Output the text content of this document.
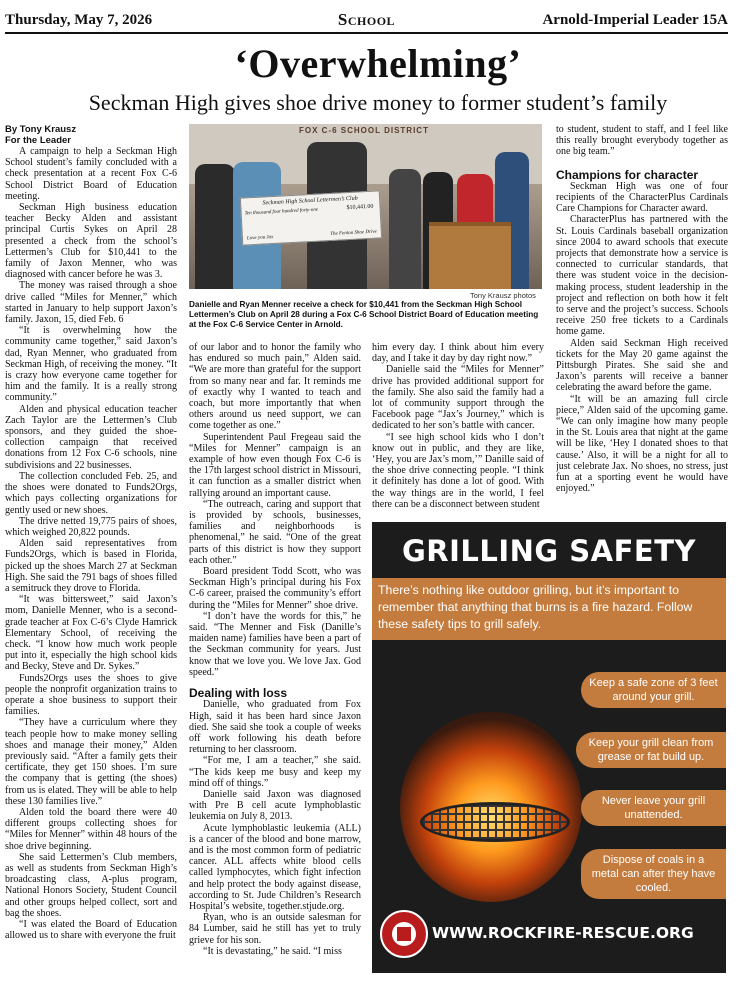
Thursday, May 7, 2026	School	Arnold-Imperial Leader 15A
‘Overwhelming’
Seckman High gives shoe drive money to former student’s family

By Tony Krausz
For the Leader

A campaign to help a Seckman High School student’s family concluded with a check presentation at a recent Fox C-6 School District Board of Education meeting.

Seckman High business education teacher Becky Alden and assistant principal Curtis Sykes on April 28 presented a check from the school’s Lettermen’s Club for $10,441 to the family of Jaxon Menner, who was diagnosed with cancer before he was 3.

The money was raised through a shoe drive called “Miles for Menner,” which started in January to help support Jaxon’s family. Jaxon, 15, died Feb. 6

“It is overwhelming how the community came together,” said Jaxon’s dad, Ryan Menner, who graduated from Seckman High, of receiving the money. “It is crazy how everyone came together for him and the family. It is a really strong community.”

Alden and physical education teacher Zach Taylor are the Lettermen’s Club sponsors, and they guided the shoe-collection campaign that received donations from 12 Fox C-6 schools, nine subdivisions and 22 businesses.

The collection concluded Feb. 25, and the shoes were donated to Funds2Orgs, which pays collecting organizations for gently used or new shoes.

The drive netted 19,775 pairs of shoes, which weighed 20,822 pounds.

Alden said representatives from Funds2Orgs, which is based in Florida, picked up the shoes March 27 at Seckman High. She said the 791 bags of shoes filled a semitruck they drove to Florida.

“It was bittersweet,” said Jaxon’s mom, Danielle Menner, who is a second-grade teacher at Fox C-6’s Clyde Hamrick Elementary School, of receiving the check. “I know how much work people put into it, especially the high school kids and Becky, Steve and Dr. Sykes.”

Funds2Orgs uses the shoes to give people the nonprofit organization trains to operate a shoe business to support their families.

“They have a curriculum where they teach people how to make money selling shoes and manage their money,” Alden previously said. “After a family gets their certificate, they get 150 shoes. I’m sure the company that is getting (the shoes) from us is elated. They will be able to help these 130 families live.”

Alden told the board there were 40 different groups collecting shoes for “Miles for Menner” within 48 hours of the shoe drive beginning.

She said Lettermen’s Club members, as well as students from Seckman High’s broadcasting class, A-plus program, National Honors Society, Student Council and other groups helped collect, sort and bag the shoes.

“I was elated the Board of Education allowed us to share with everyone the fruit

FOX C-6 SCHOOL DISTRICT
Seckman High School Lettermen’s Club
Ten thousand four hundred forty-one
$10,441.00
Love you Jax
The Fenton Shoe Drive
Tony Krausz photos
Danielle and Ryan Menner receive a check for $10,441 from the Seckman High School Lettermen’s Club on April 28 during a Fox C-6 School District Board of Education meeting at the Fox C-6 Service Center in Arnold.

of our labor and to honor the family who has endured so much pain,” Alden said. “We are more than grateful for the support from so many near and far. It reminds me of exactly why I wanted to teach and coach, but more importantly that when others around us need support, we can come together as one.”

Superintendent Paul Fregeau said the “Miles for Menner” campaign is an example of how even though Fox C-6 is the 17th largest school district in Missouri, it can function as a smaller district when rallying around an important cause.

“The outreach, caring and support that is provided by schools, businesses, families and neighborhoods is phenomenal,” he said. “One of the great parts of this district is how they support each other.”

Board president Todd Scott, who was Seckman High’s principal during his Fox C-6 career, praised the community’s effort during the “Miles for Menner” shoe drive.

“I don’t have the words for this,” he said. “The Menner and Fisk (Danille’s maiden name) families have been a part of the Seckman community for years. Just know that we love you. We love Jax. God speed.”

Dealing with loss

Danielle, who graduated from Fox High, said it has been hard since Jaxon died. She said she took a couple of weeks off work following his death before returning to her classroom.

“For me, I am a teacher,” she said. “The kids keep me busy and keep my mind off of things.”

Danielle said Jaxon was diagnosed with Pre B cell acute lymphoblastic leukemia on July 8, 2013.

Acute lymphoblastic leukemia (ALL) is a cancer of the blood and bone marrow, and is the most common form of pediatric cancer. ALL affects white blood cells called lymphocytes, which fight infection and help protect the body against disease, according to St. Jude Children’s Research Hospital’s website, together.stjude.org.

Ryan, who is an outside salesman for 84 Lumber, said he still has yet to truly grieve for his son.

“It is devastating,” he said. “I miss

him every day. I think about him every day, and I take it day by day right now.”

Danielle said the “Miles for Menner” drive has provided additional support for the family. She also said the family had a lot of community support through the Facebook page “Jax’s Journey,” which is dedicated to her son’s battle with cancer.

“I see high school kids who I don’t know out in public, and they are like, ‘Hey, you are Jax’s mom,’” Danille said of the shoe drive connecting people. “I think it definitely has done a lot of good. With the way things are in the world, I feel there can be a disconnect between student

to student, student to staff, and I feel like this really brought everybody together as one big team.”

Champions for character

Seckman High was one of four recipients of the CharacterPlus Cardinals Care Champions for Character award.

CharacterPlus has partnered with the St. Louis Cardinals baseball organization since 2004 to award schools that execute projects that demonstrate how a service is connected to curricular standards, that there was student voice in the decision-making process, student leadership in the project and reflection on both how it felt to serve and the project’s success. Schools receive 250 free tickets to a Cardinals home game.

Alden said Seckman High received tickets for the May 20 game against the Pittsburgh Pirates. She said she and Jaxon’s parents will receive a banner celebrating the award before the game.

“It will be an amazing full circle piece,” Alden said of the upcoming game. “We can only imagine how many people in the St. Louis area that night at the game will be like, ‘Hey I donated shoes to that cause.’ Also, it will be a night for all to just celebrate Jax. No shoes, no stress, just fun at a sporting event he would have enjoyed.”

GRILLING SAFETY
There’s nothing like outdoor grilling, but it’s important to remember that anything that burns is a fire hazard. Follow these safety tips to grill safely.
Keep a safe zone of 3 feet around your grill.
Keep your grill clean from grease or fat build up.
Never leave your grill unattended.
Dispose of coals in a metal can after they have cooled.
WWW.ROCKFIRE-RESCUE.ORG
